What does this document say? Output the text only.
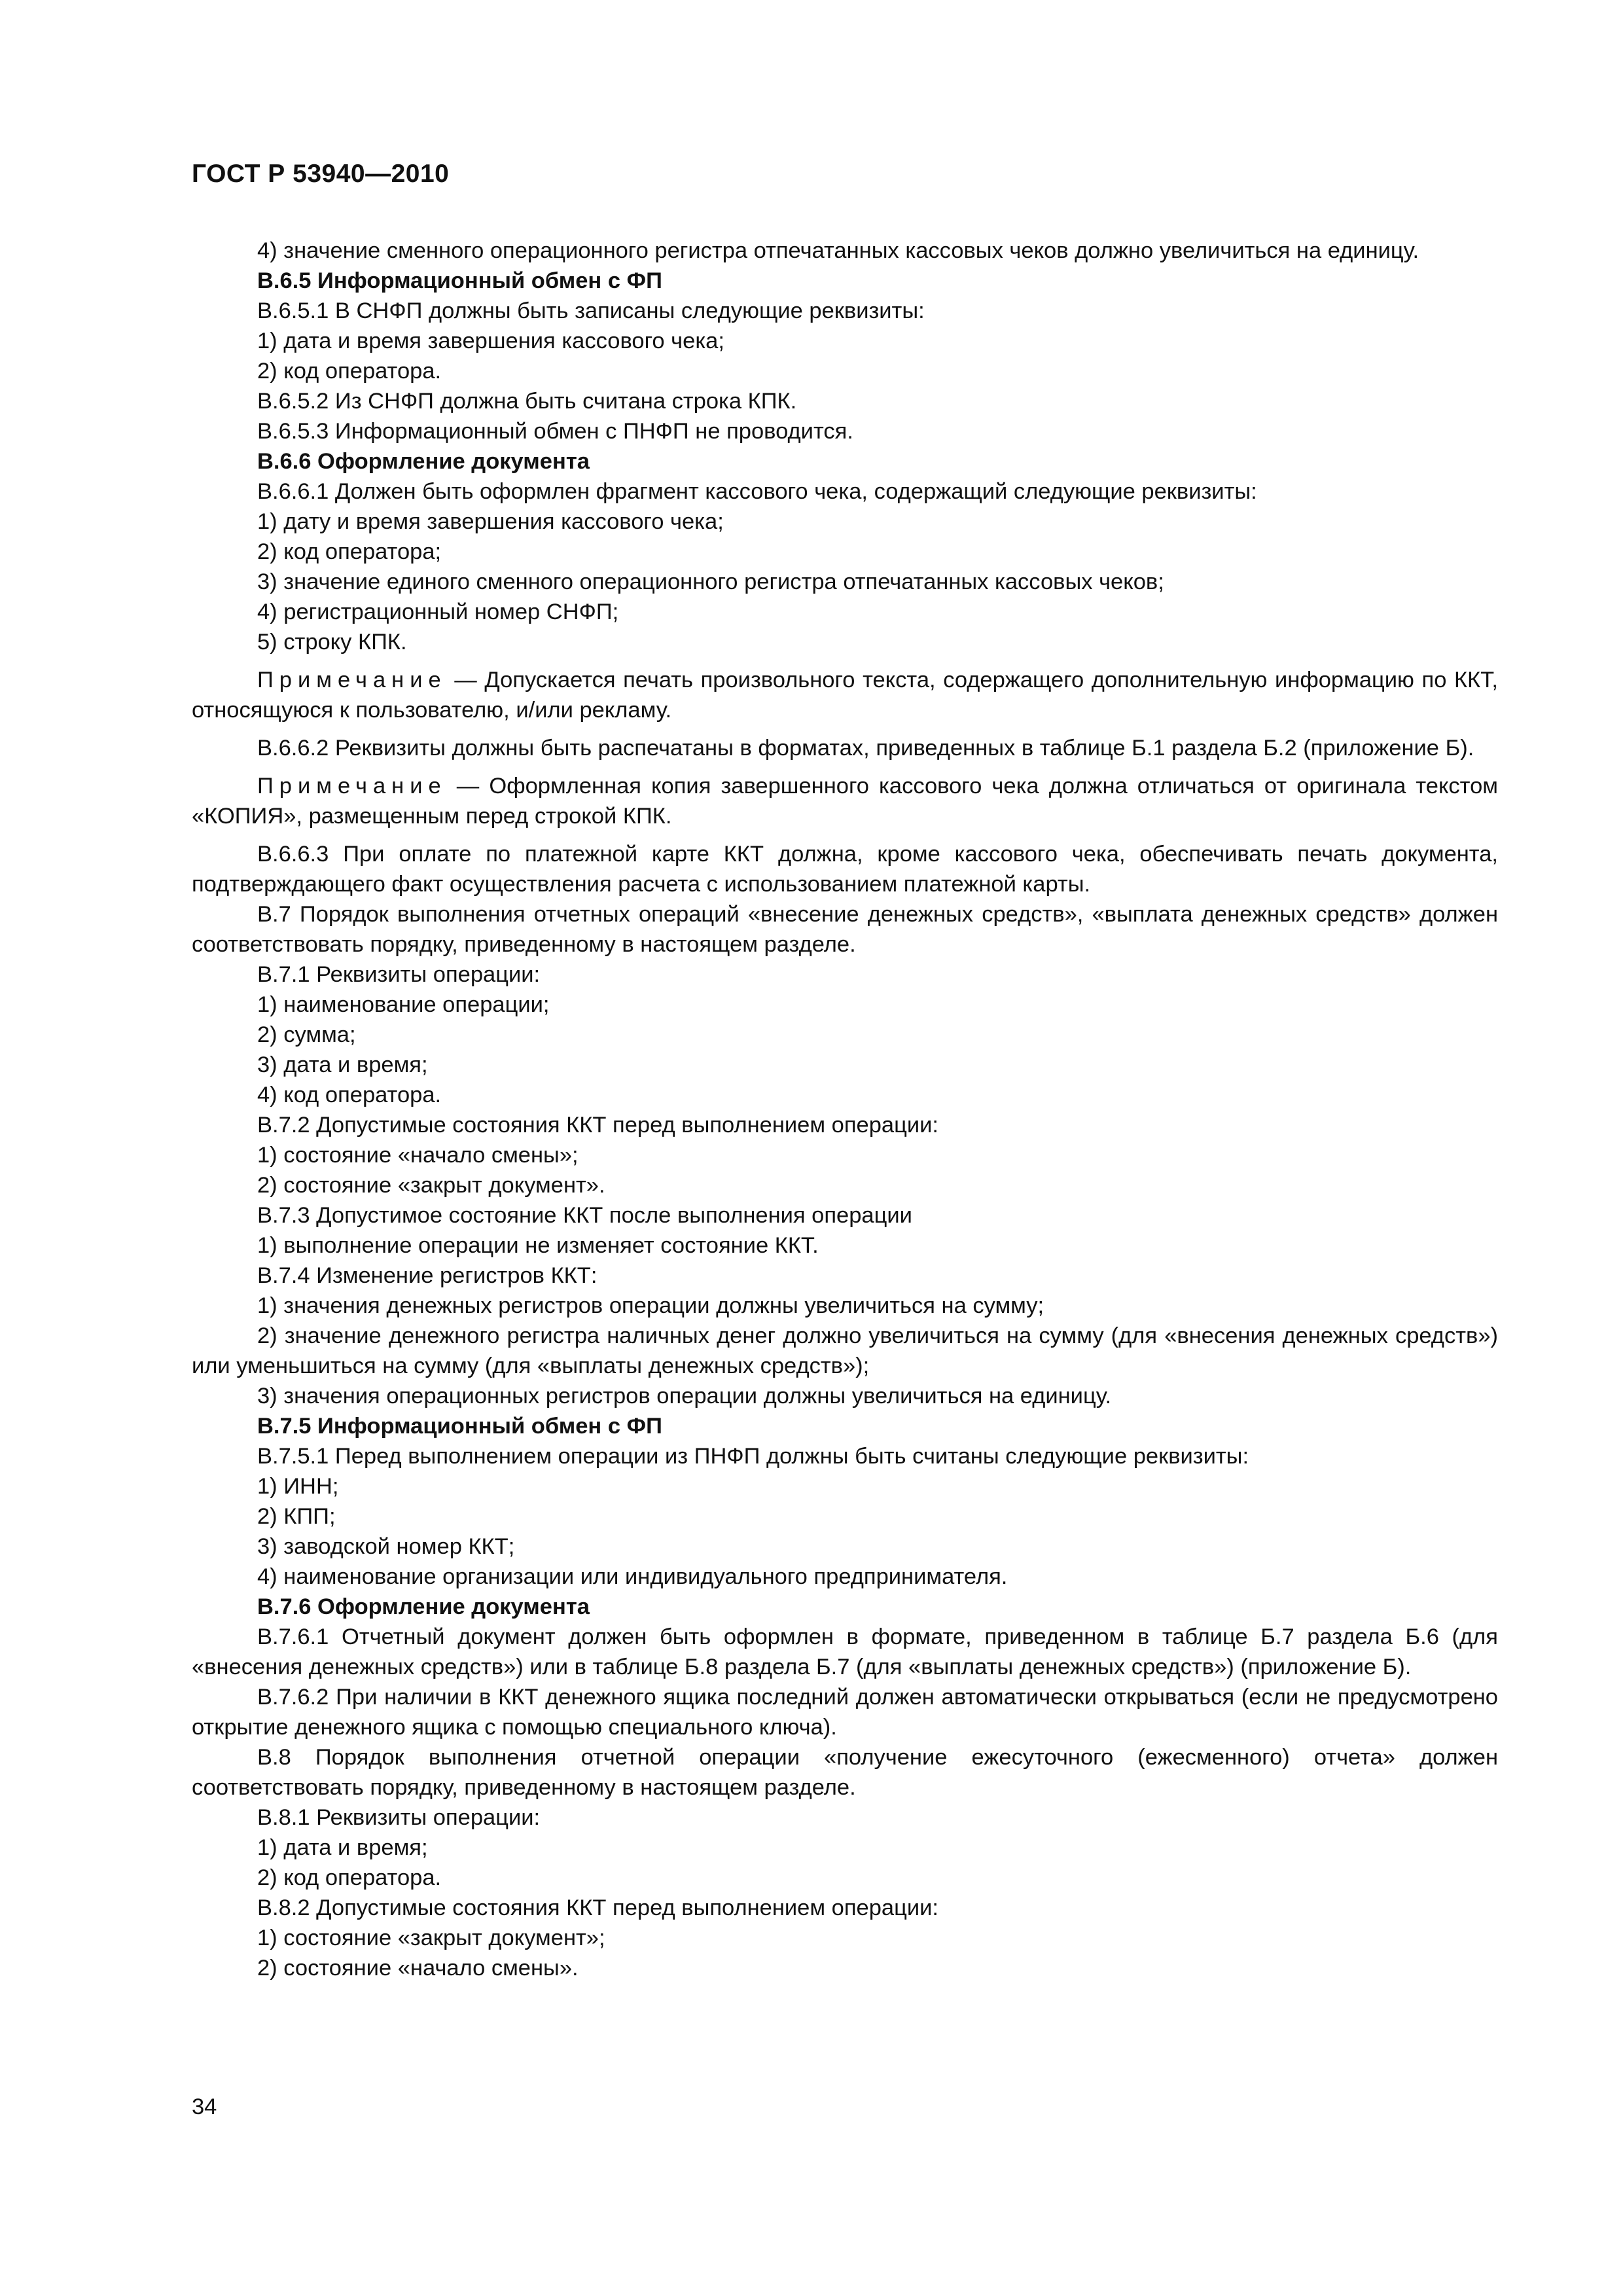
ГОСТ Р 53940—2010

4) значение сменного операционного регистра отпечатанных кассовых чеков должно увеличиться на единицу.

В.6.5 Информационный обмен с ФП

В.6.5.1 В СНФП должны быть записаны следующие реквизиты:

1) дата и время завершения кассового чека;

2) код оператора.

В.6.5.2 Из СНФП должна быть считана строка КПК.

В.6.5.3 Информационный обмен с ПНФП не проводится.

В.6.6 Оформление документа

В.6.6.1 Должен быть оформлен фрагмент кассового чека, содержащий следующие реквизиты:

1) дату и время завершения кассового чека;

2) код оператора;

3) значение единого сменного операционного регистра отпечатанных кассовых чеков;

4) регистрационный номер СНФП;

5) строку КПК.

Примечание — Допускается печать произвольного текста, содержащего дополнительную информацию по ККТ, относящуюся к пользователю, и/или рекламу.

В.6.6.2 Реквизиты должны быть распечатаны в форматах, приведенных в таблице Б.1 раздела Б.2 (приложение Б).

Примечание — Оформленная копия завершенного кассового чека должна отличаться от оригинала текстом «КОПИЯ», размещенным перед строкой КПК.

В.6.6.3 При оплате по платежной карте ККТ должна, кроме кассового чека, обеспечивать печать документа, подтверждающего факт осуществления расчета с использованием платежной карты.

В.7 Порядок выполнения отчетных операций «внесение денежных средств», «выплата денежных средств» должен соответствовать порядку, приведенному в настоящем разделе.

В.7.1 Реквизиты операции:

1) наименование операции;

2) сумма;

3) дата и время;

4) код оператора.

В.7.2 Допустимые состояния ККТ перед выполнением операции:

1) состояние «начало смены»;

2) состояние «закрыт документ».

В.7.3 Допустимое состояние ККТ после выполнения операции

1) выполнение операции не изменяет состояние ККТ.

В.7.4 Изменение регистров ККТ:

1) значения денежных регистров операции должны увеличиться на сумму;

2) значение денежного регистра наличных денег должно увеличиться на сумму (для «внесения денежных средств») или уменьшиться на сумму (для «выплаты денежных средств»);

3) значения операционных регистров операции должны увеличиться на единицу.

В.7.5 Информационный обмен с ФП

В.7.5.1 Перед выполнением операции из ПНФП должны быть считаны следующие реквизиты:

1) ИНН;

2) КПП;

3) заводской номер ККТ;

4) наименование организации или индивидуального предпринимателя.

В.7.6 Оформление документа

В.7.6.1 Отчетный документ должен быть оформлен в формате, приведенном в таблице Б.7 раздела Б.6 (для «внесения денежных средств») или в таблице Б.8 раздела Б.7 (для «выплаты денежных средств») (приложение Б).

В.7.6.2 При наличии в ККТ денежного ящика последний должен автоматически открываться (если не предусмотрено открытие денежного ящика с помощью специального ключа).

В.8 Порядок выполнения отчетной операции «получение ежесуточного (ежесменного) отчета» должен соответствовать порядку, приведенному в настоящем разделе.

В.8.1 Реквизиты операции:

1) дата и время;

2) код оператора.

В.8.2 Допустимые состояния ККТ перед выполнением операции:

1) состояние «закрыт документ»;

2) состояние «начало смены».

34
